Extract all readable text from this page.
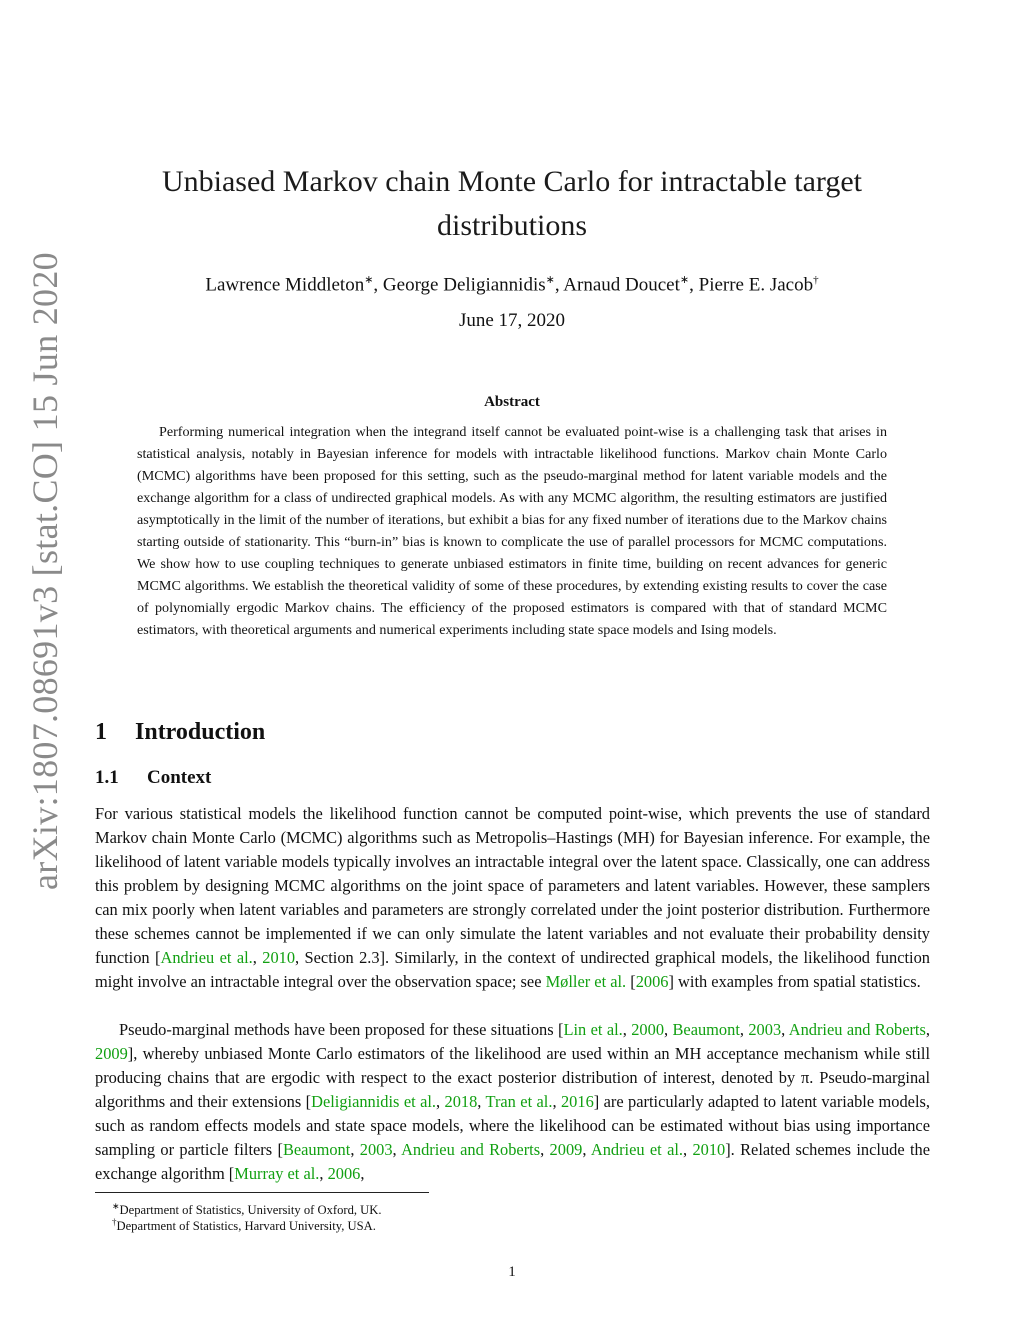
arXiv:1807.08691v3 [stat.CO] 15 Jun 2020
Unbiased Markov chain Monte Carlo for intractable target
distributions
Lawrence Middleton∗, George Deligiannidis∗, Arnaud Doucet∗, Pierre E. Jacob†
June 17, 2020
Abstract
Performing numerical integration when the integrand itself cannot be evaluated point-wise is a challenging task that arises in statistical analysis, notably in Bayesian inference for models with intractable likelihood functions. Markov chain Monte Carlo (MCMC) algorithms have been proposed for this setting, such as the pseudo-marginal method for latent variable models and the exchange algorithm for a class of undirected graphical models. As with any MCMC algorithm, the resulting estimators are justified asymptotically in the limit of the number of iterations, but exhibit a bias for any fixed number of iterations due to the Markov chains starting outside of stationarity. This “burn-in” bias is known to complicate the use of parallel processors for MCMC computations. We show how to use coupling techniques to generate unbiased estimators in finite time, building on recent advances for generic MCMC algorithms. We establish the theoretical validity of some of these procedures, by extending existing results to cover the case of polynomially ergodic Markov chains. The efficiency of the proposed estimators is compared with that of standard MCMC estimators, with theoretical arguments and numerical experiments including state space models and Ising models.
1 Introduction
1.1 Context
For various statistical models the likelihood function cannot be computed point-wise, which prevents the use of standard Markov chain Monte Carlo (MCMC) algorithms such as Metropolis–Hastings (MH) for Bayesian inference. For example, the likelihood of latent variable models typically involves an intractable integral over the latent space. Classically, one can address this problem by designing MCMC algorithms on the joint space of parameters and latent variables. However, these samplers can mix poorly when latent variables and parameters are strongly correlated under the joint posterior distribution. Furthermore these schemes cannot be implemented if we can only simulate the latent variables and not evaluate their probability density function [Andrieu et al., 2010, Section 2.3]. Similarly, in the context of undirected graphical models, the likelihood function might involve an intractable integral over the observation space; see Møller et al. [2006] with examples from spatial statistics.
Pseudo-marginal methods have been proposed for these situations [Lin et al., 2000, Beaumont, 2003, Andrieu and Roberts, 2009], whereby unbiased Monte Carlo estimators of the likelihood are used within an MH acceptance mechanism while still producing chains that are ergodic with respect to the exact posterior distribution of interest, denoted by π. Pseudo-marginal algorithms and their extensions [Deligiannidis et al., 2018, Tran et al., 2016] are particularly adapted to latent variable models, such as random effects models and state space models, where the likelihood can be estimated without bias using importance sampling or particle filters [Beaumont, 2003, Andrieu and Roberts, 2009, Andrieu et al., 2010]. Related schemes include the exchange algorithm [Murray et al., 2006,
∗Department of Statistics, University of Oxford, UK.
†Department of Statistics, Harvard University, USA.
1
